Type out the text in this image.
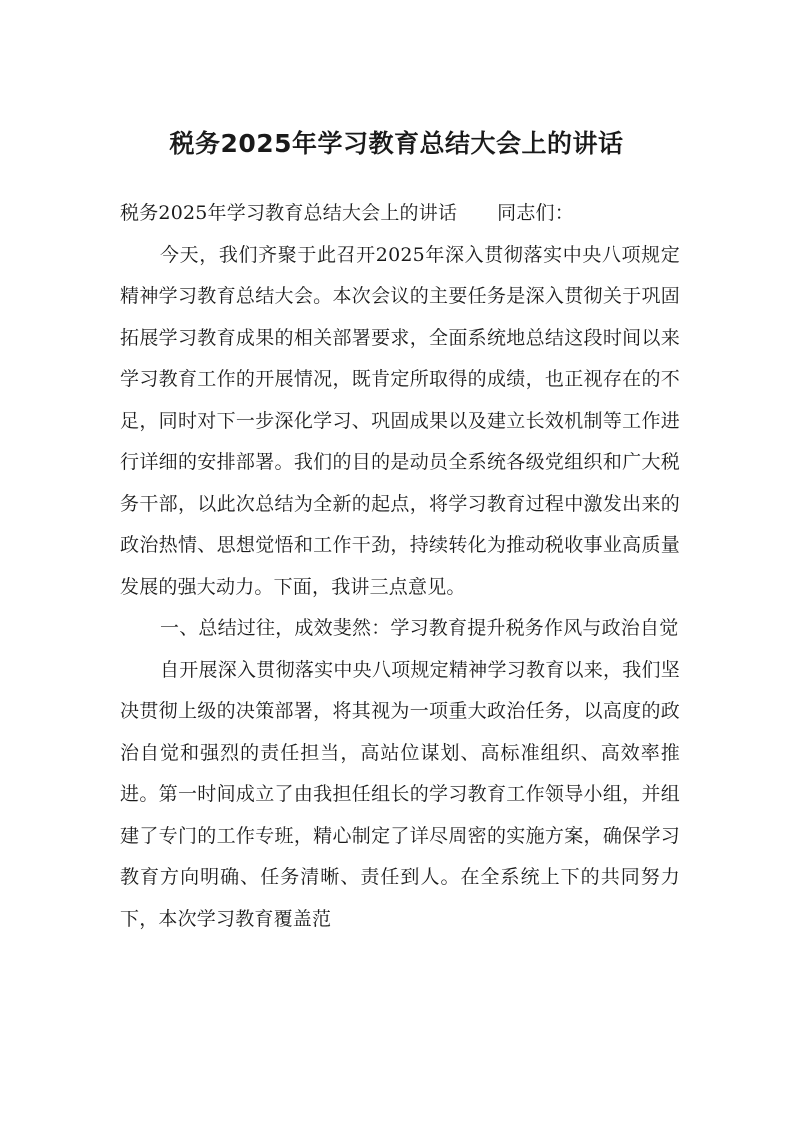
税务2025年学习教育总结大会上的讲话

税务2025年学习教育总结大会上的讲话 同志们：

今天，我们齐聚于此召开2025年深入贯彻落实中央八项规定精神学习教育总结大会。本次会议的主要任务是深入贯彻关于巩固拓展学习教育成果的相关部署要求，全面系统地总结这段时间以来学习教育工作的开展情况，既肯定所取得的成绩，也正视存在的不足，同时对下一步深化学习、巩固成果以及建立长效机制等工作进行详细的安排部署。我们的目的是动员全系统各级党组织和广大税务干部，以此次总结为全新的起点，将学习教育过程中激发出来的政治热情、思想觉悟和工作干劲，持续转化为推动税收事业高质量发展的强大动力。下面，我讲三点意见。

一、总结过往，成效斐然：学习教育提升税务作风与政治自觉

自开展深入贯彻落实中央八项规定精神学习教育以来，我们坚决贯彻上级的决策部署，将其视为一项重大政治任务，以高度的政治自觉和强烈的责任担当，高站位谋划、高标准组织、高效率推进。第一时间成立了由我担任组长的学习教育工作领导小组，并组建了专门的工作专班，精心制定了详尽周密的实施方案，确保学习教育方向明确、任务清晰、责任到人。在全系统上下的共同努力下，本次学习教育覆盖范
